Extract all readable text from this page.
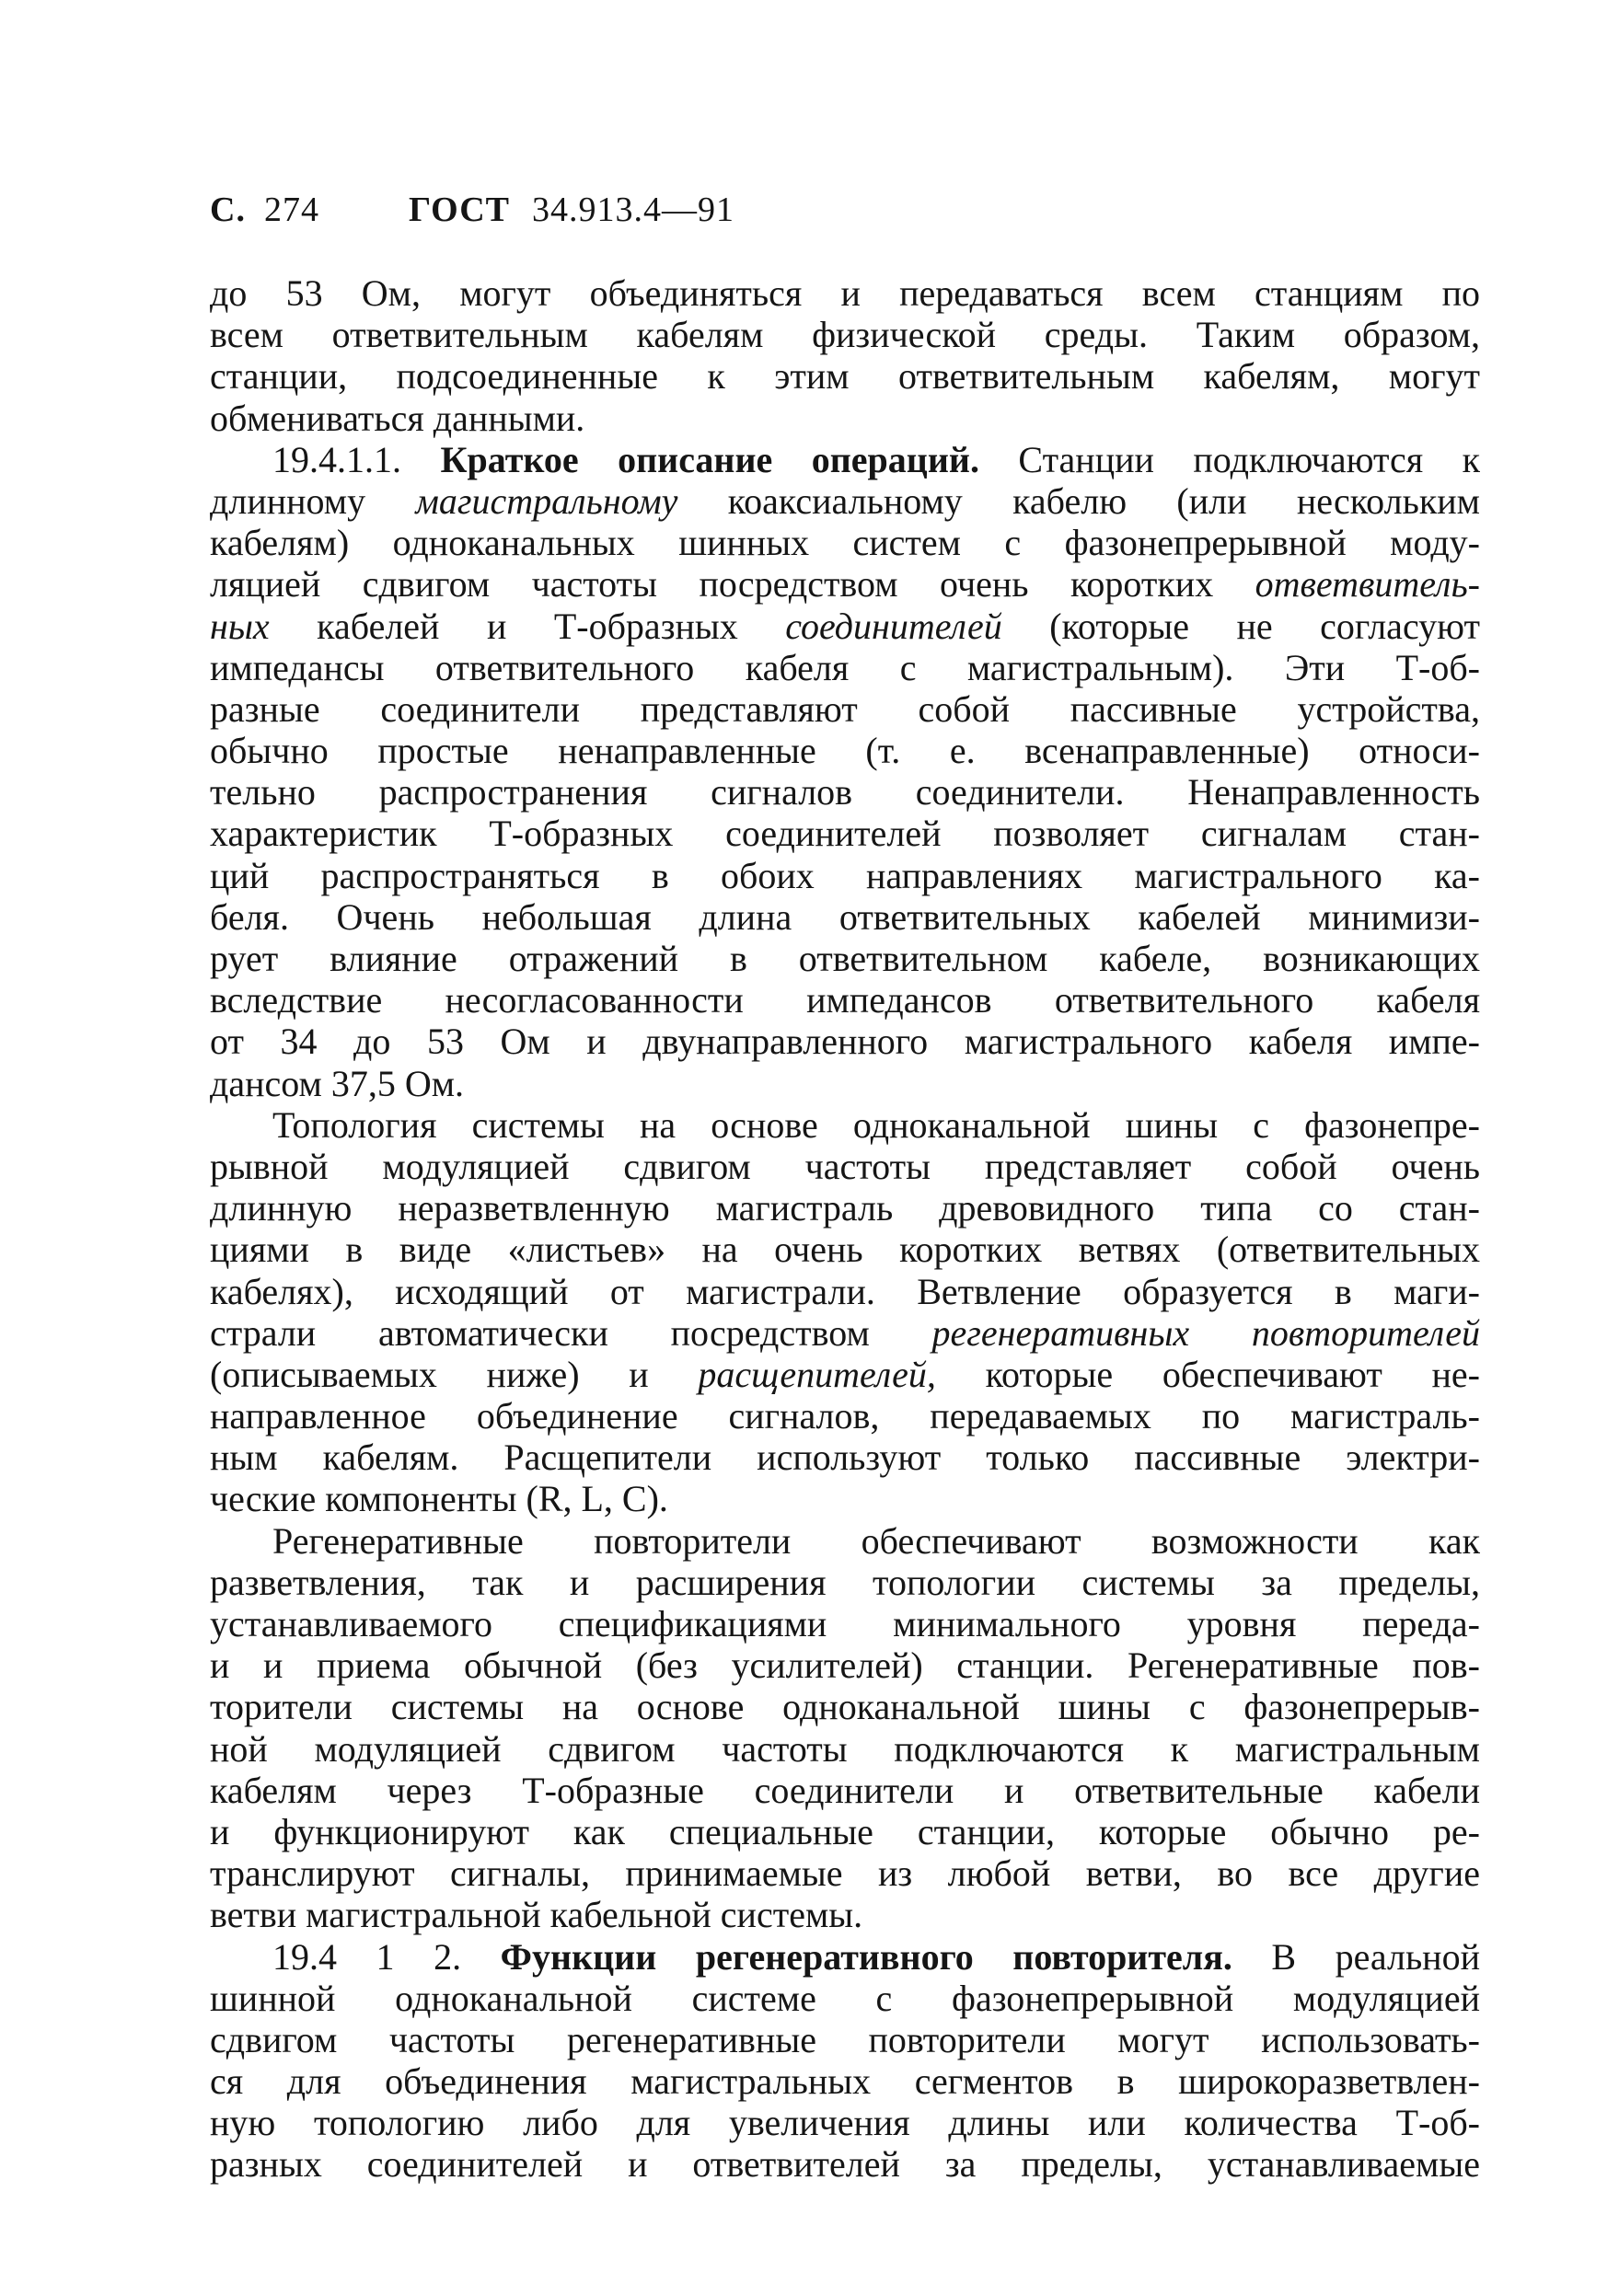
С. 274	ГОСТ 34.913.4—91
до 53 Ом, могут объединяться и передаваться всем станциям по
всем ответвительным кабелям физической среды. Таким образом,
станции, подсоединенные к этим ответвительным кабелям, могут
обмениваться данными.
19.4.1.1. Краткое описание операций. Станции подключаются к
длинному магистральному коаксиальному кабелю (или нескольким
кабелям) одноканальных шинных систем с фазонепрерывной моду-
ляцией сдвигом частоты посредством очень коротких ответвитель-
ных кабелей и Т-образных соединителей (которые не согласуют
импедансы ответвительного кабеля с магистральным). Эти Т-об-
разные соединители представляют собой пассивные устройства,
обычно простые ненаправленные (т. е. всенаправленные) относи-
тельно распространения сигналов соединители. Ненаправленность
характеристик Т-образных соединителей позволяет сигналам стан-
ций распространяться в обоих направлениях магистрального ка-
беля. Очень небольшая длина ответвительных кабелей минимизи-
рует влияние отражений в ответвительном кабеле, возникающих
вследствие несогласованности импедансов ответвительного кабеля
от 34 до 53 Ом и двунаправленного магистрального кабеля импе-
дансом 37,5 Ом.
Топология системы на основе одноканальной шины с фазонепре-
рывной модуляцией сдвигом частоты представляет собой очень
длинную неразветвленную магистраль древовидного типа со стан-
циями в виде «листьев» на очень коротких ветвях (ответвительных
кабелях), исходящий от магистрали. Ветвление образуется в маги-
страли автоматически посредством регенеративных повторителей
(описываемых ниже) и расщепителей, которые обеспечивают не-
направленное объединение сигналов, передаваемых по магистраль-
ным кабелям. Расщепители используют только пассивные электри-
ческие компоненты (R, L, C).
Регенеративные повторители обеспечивают возможности как
разветвления, так и расширения топологии системы за пределы,
устанавливаемого спецификациями минимального уровня переда-
и и приема обычной (без усилителей) станции. Регенеративные пов-
торители системы на основе одноканальной шины с фазонепрерыв-
ной модуляцией сдвигом частоты подключаются к магистральным
кабелям через Т-образные соединители и ответвительные кабели
и функционируют как специальные станции, которые обычно ре-
транслируют сигналы, принимаемые из любой ветви, во все другие
ветви магистральной кабельной системы.
19.4 1 2. Функции регенеративного повторителя. В реальной
шинной одноканальной системе с фазонепрерывной модуляцией
сдвигом частоты регенеративные повторители могут использовать-
ся для объединения магистральных сегментов в широкоразветвлен-
ную топологию либо для увеличения длины или количества Т-об-
разных соединителей и ответвителей за пределы, устанавливаемые
